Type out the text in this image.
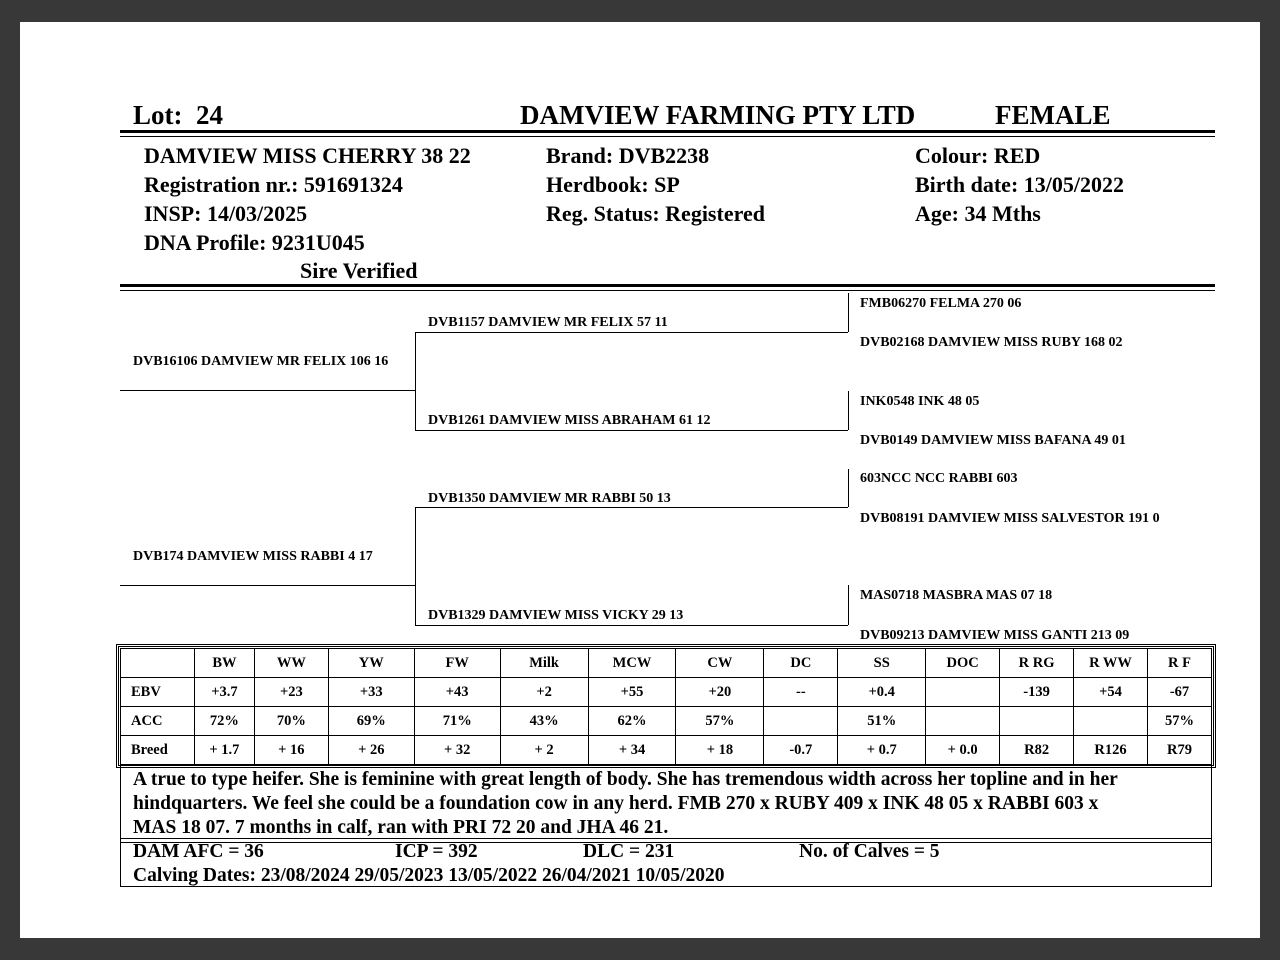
Lot: 24	DAMVIEW FARMING PTY LTD	FEMALE
DAMVIEW MISS CHERRY 38 22
Registration nr.: 591691324
INSP: 14/03/2025
DNA Profile: 9231U045
Sire Verified
Brand: DVB2238
Herdbook: SP
Reg. Status: Registered
Colour: RED
Birth date: 13/05/2022
Age: 34 Mths
DVB16106 DAMVIEW MR FELIX 106 16
DVB174 DAMVIEW MISS RABBI 4 17
DVB1157 DAMVIEW MR FELIX 57 11
DVB1261 DAMVIEW MISS ABRAHAM 61 12
DVB1350 DAMVIEW MR RABBI 50 13
DVB1329 DAMVIEW MISS VICKY 29 13
FMB06270 FELMA 270 06
DVB02168 DAMVIEW MISS RUBY 168 02
INK0548 INK 48 05
DVB0149 DAMVIEW MISS BAFANA 49 01
603NCC NCC RABBI 603
DVB08191 DAMVIEW MISS SALVESTOR 191 0
MAS0718 MASBRA MAS 07 18
DVB09213 DAMVIEW MISS GANTI 213 09
	BW	WW	YW	FW	Milk	MCW	CW	DC	SS	DOC	R RG	R WW	R F
EBV	+3.7	+23	+33	+43	+2	+55	+20	--	+0.4		-139	+54	-67
ACC	72%	70%	69%	71%	43%	62%	57%		51%				57%
Breed	+ 1.7	+ 16	+ 26	+ 32	+ 2	+ 34	+ 18	-0.7	+ 0.7	+ 0.0	R82	R126	R79
A true to type heifer. She is feminine with great length of body. She has tremendous width across her topline and in her
hindquarters. We feel she could be a foundation cow in any herd. FMB 270 x RUBY 409 x INK 48 05 x RABBI 603 x
MAS 18 07. 7 months in calf, ran with PRI 72 20 and JHA 46 21.
DAM AFC = 36	ICP = 392	DLC = 231	No. of Calves = 5
Calving Dates: 23/08/2024 29/05/2023 13/05/2022 26/04/2021 10/05/2020
